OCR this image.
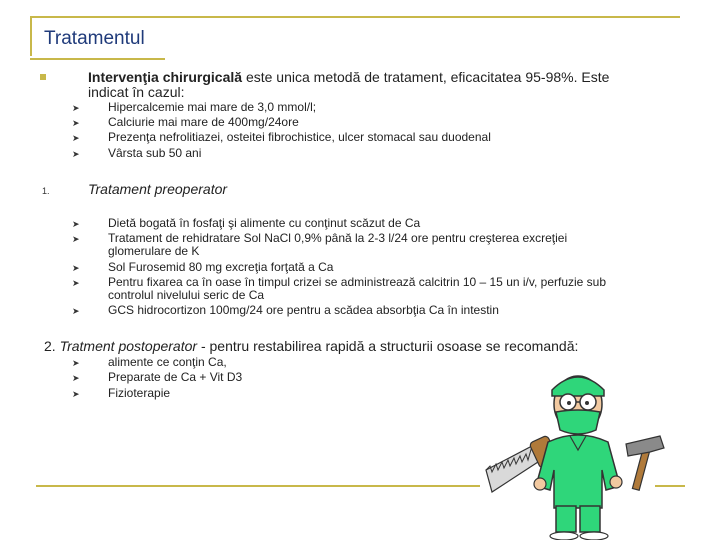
Tratamentul
Intervenţia chirurgicală este unica metodă de tratament, eficacitatea 95-98%. Este
indicat în cazul:
➤ Hipercalcemie mai mare de 3,0 mmol/l;
➤ Calciurie mai mare de 400mg/24ore
➤ Prezenţa nefrolitiazei, osteitei fibrochistice, ulcer stomacal sau duodenal
➤ Vârsta sub 50 ani
1.	Tratament preoperator
➤ Dietă bogată în fosfaţi şi alimente cu conţinut scăzut de Ca
➤ Tratament de rehidratare Sol NaCl 0,9% până la 2-3 l/24 ore pentru creşterea excreţiei
glomerulare de K
➤ Sol Furosemid 80 mg excreţia forţată a Ca
➤ Pentru fixarea ca în oase în timpul crizei se administrează calcitrin 10 – 15 un i/v, perfuzie sub
controlul nivelului seric de Ca
➤ GCS hidrocortizon 100mg/24 ore pentru a scădea absorbţia Ca în intestin
2. Tratment postoperator - pentru restabilirea rapidă a structurii osoase se recomandă:
➤ alimente ce conţin Ca,
➤ Preparate de Ca + Vit D3
➤ Fizioterapie
